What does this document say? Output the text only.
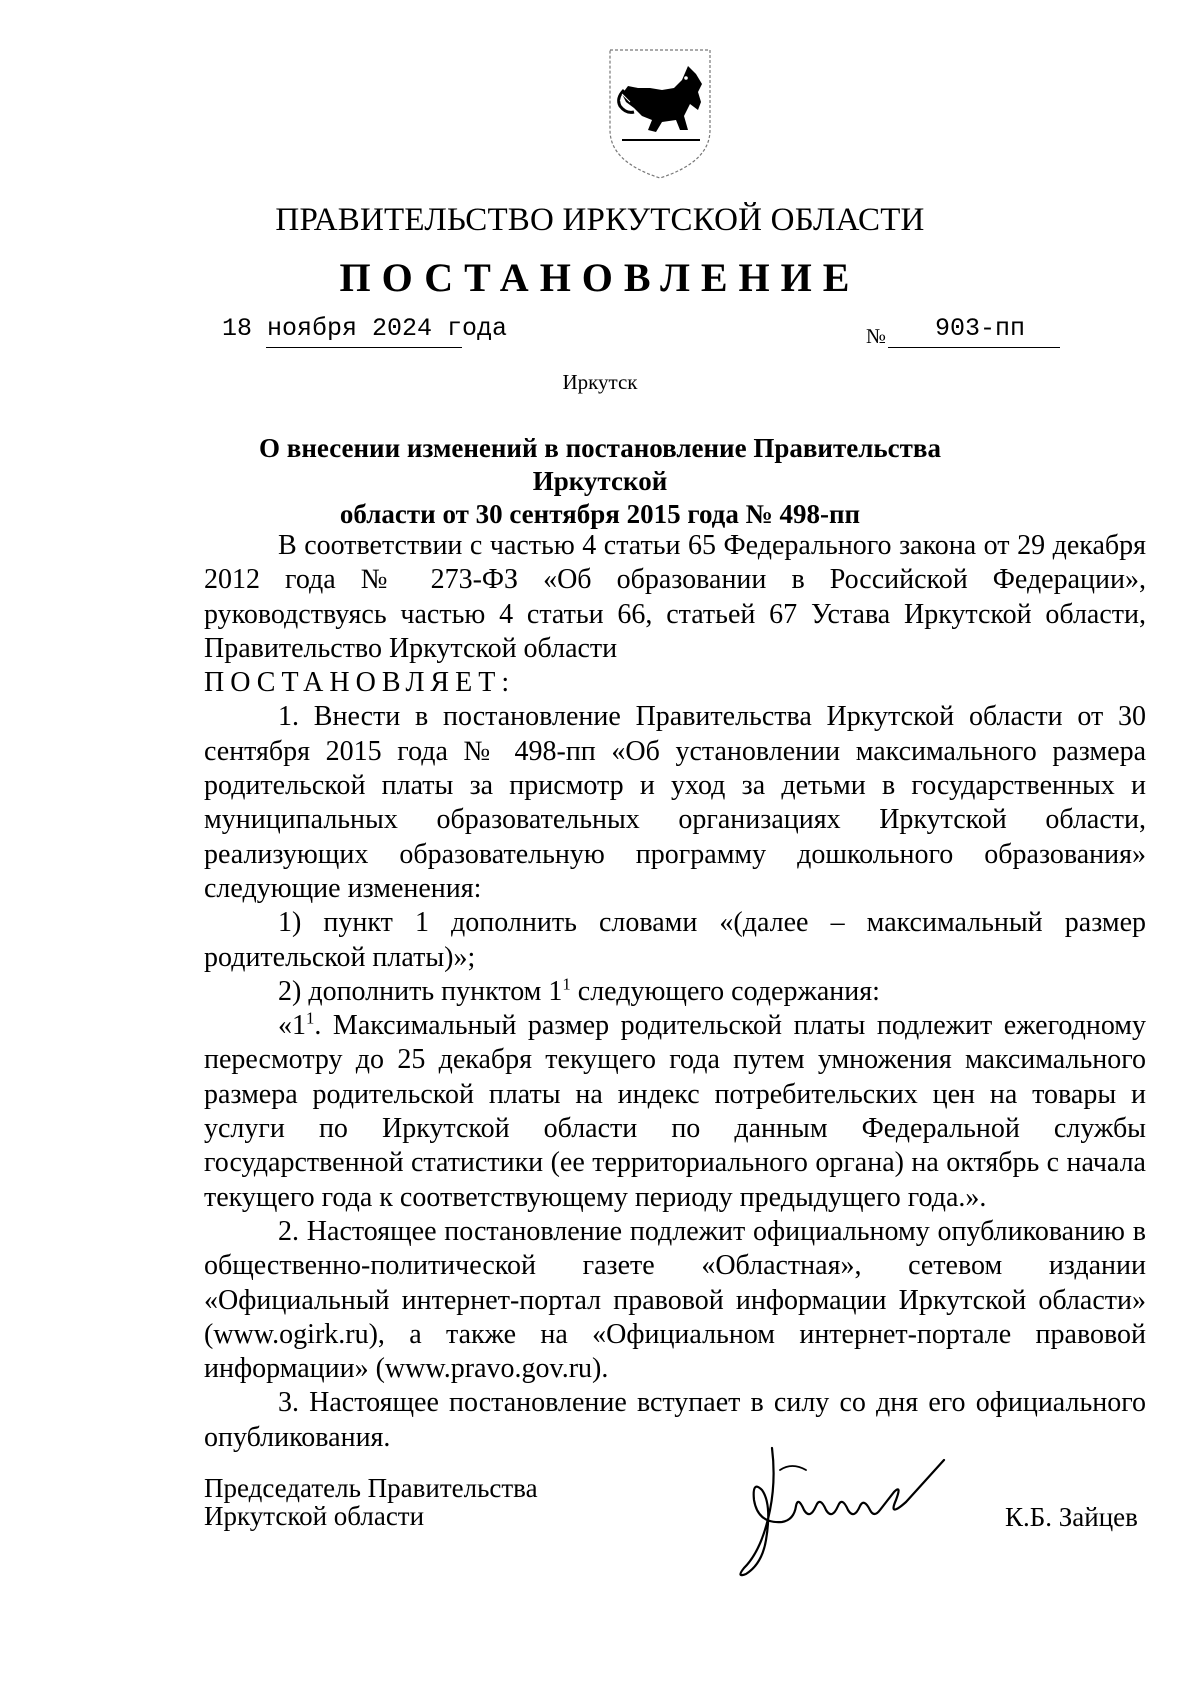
ПРАВИТЕЛЬСТВО ИРКУТСКОЙ ОБЛАСТИ
ПОСТАНОВЛЕНИЕ
18 ноября 2024 года	№ 903-пп
Иркутск
О внесении изменений в постановление Правительства Иркутской
области от 30 сентября 2015 года № 498-пп

В соответствии с частью 4 статьи 65 Федерального закона от 29 декабря 2012 года № 273-ФЗ «Об образовании в Российской Федерации», руководствуясь частью 4 статьи 66, статьей 67 Устава Иркутской области, Правительство Иркутской области

ПОСТАНОВЛЯЕТ:

1. Внести в постановление Правительства Иркутской области от 30 сентября 2015 года № 498-пп «Об установлении максимального размера родительской платы за присмотр и уход за детьми в государственных и муниципальных образовательных организациях Иркутской области, реализующих образовательную программу дошкольного образования» следующие изменения:

1) пункт 1 дополнить словами «(далее – максимальный размер родительской платы)»;

2) дополнить пунктом $1^1$ следующего содержания:

«$1^1$. Максимальный размер родительской платы подлежит ежегодному пересмотру до 25 декабря текущего года путем умножения максимального размера родительской платы на индекс потребительских цен на товары и услуги по Иркутской области по данным Федеральной службы государственной статистики (ее территориального органа) на октябрь с начала текущего года к соответствующему периоду предыдущего года.».

2. Настоящее постановление подлежит официальному опубликованию в общественно-политической газете «Областная», сетевом издании «Официальный интернет-портал правовой информации Иркутской области» (www.ogirk.ru), а также на «Официальном интернет-портале правовой информации» (www.pravo.gov.ru).

3. Настоящее постановление вступает в силу со дня его официального опубликования.

Председатель Правительства
Иркутской области	К.Б. Зайцев
